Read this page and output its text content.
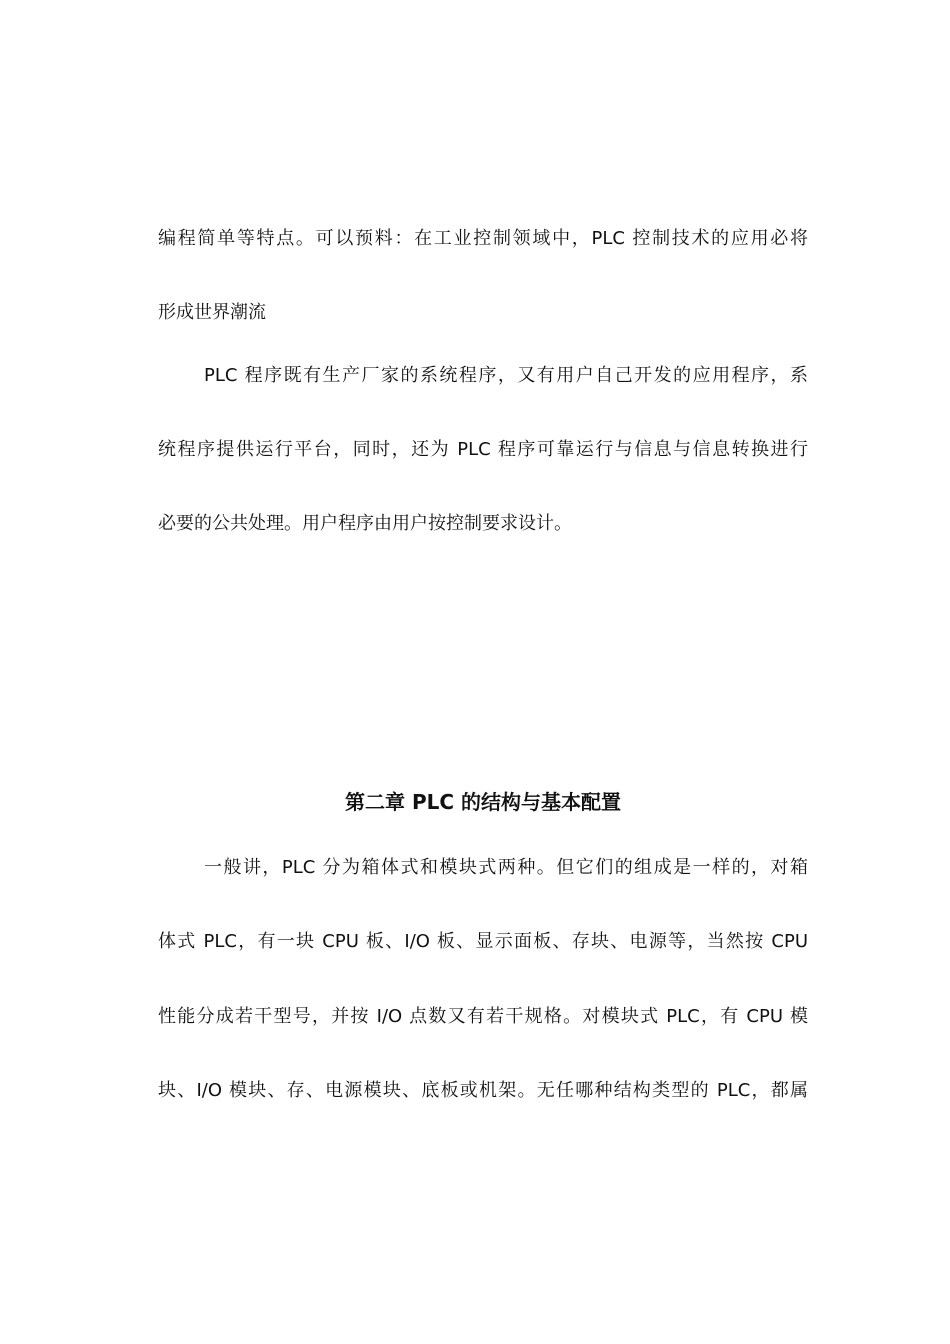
编程简单等特点。可以预料：在工业控制领域中，PLC 控制技术的应用必将
形成世界潮流
PLC 程序既有生产厂家的系统程序，又有用户自己开发的应用程序，系
统程序提供运行平台，同时，还为 PLC 程序可靠运行与信息与信息转换进行
必要的公共处理。用户程序由用户按控制要求设计。
第二章 PLC 的结构与基本配置
一般讲，PLC 分为箱体式和模块式两种。但它们的组成是一样的，对箱
体式 PLC，有一块 CPU 板、I/O 板、显示面板、存块、电源等，当然按 CPU
性能分成若干型号，并按 I/O 点数又有若干规格。对模块式 PLC，有 CPU 模
块、I/O 模块、存、电源模块、底板或机架。无任哪种结构类型的 PLC，都属
